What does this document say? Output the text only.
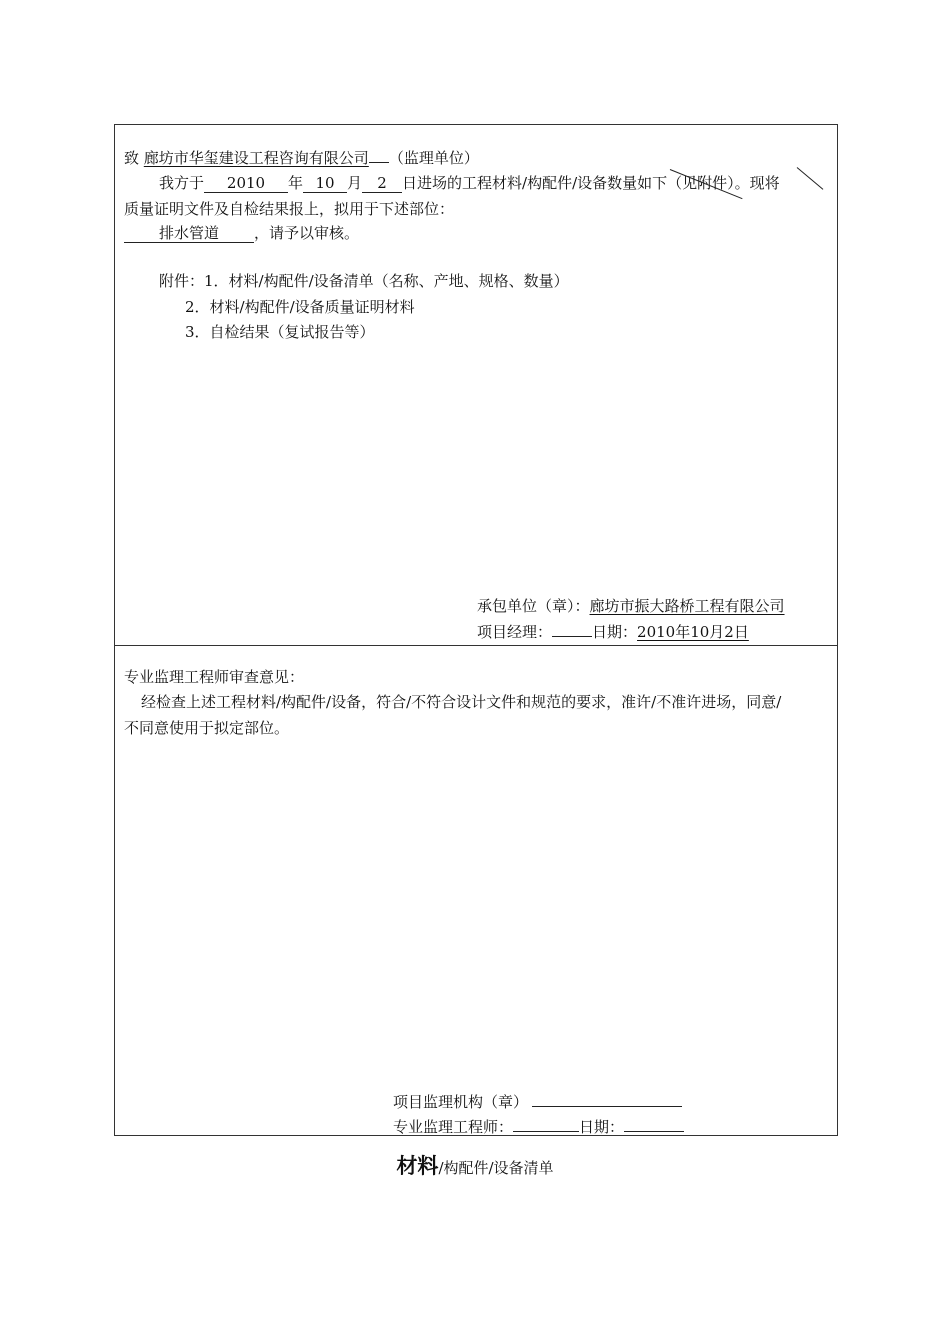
致 廊坊市华玺建设工程咨询有限公司 （监理单位）
我方于 2010 年 10 月 2 日进场的工程材料/构配件/设备数量如下（见附件）。现将
质量证明文件及自检结果报上，拟用于下述部位：
排水管道 ，请予以审核。
附件：1．材料/构配件/设备清单（名称、产地、规格、数量）
2．材料/构配件/设备质量证明材料
3．自检结果（复试报告等）
承包单位（章）：廊坊市振大路桥工程有限公司
项目经理：	日期：2010年10月2日
专业监理工程师审查意见：
经检查上述工程材料/构配件/设备，符合/不符合设计文件和规范的要求，准许/不准许进场，同意/
不同意使用于拟定部位。
项目监理机构（章）
专业监理工程师：	日期：
材料/构配件/设备清单
